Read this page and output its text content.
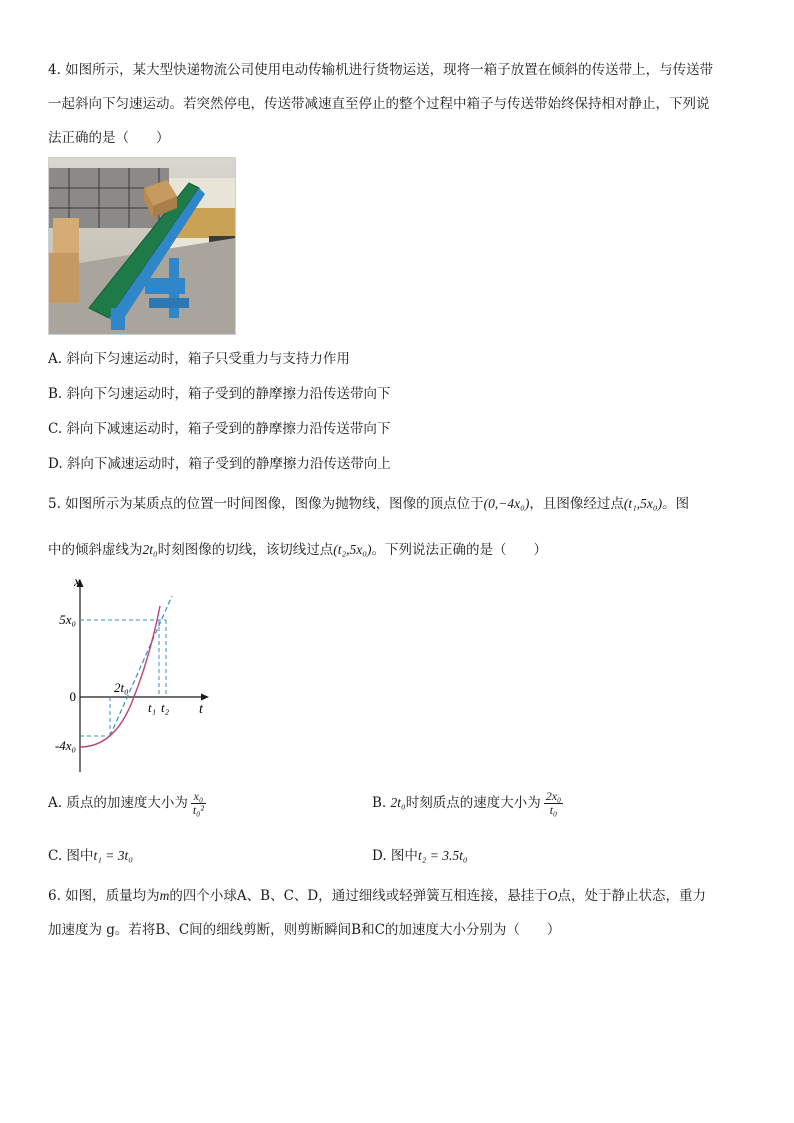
4. 如图所示，某大型快递物流公司使用电动传输机进行货物运送，现将一箱子放置在倾斜的传送带上，与传送带
一起斜向下匀速运动。若突然停电，传送带减速直至停止的整个过程中箱子与传送带始终保持相对静止，下列说
法正确的是（　　）
A. 斜向下匀速运动时，箱子只受重力与支持力作用
B. 斜向下匀速运动时，箱子受到的静摩擦力沿传送带向下
C. 斜向下减速运动时，箱子受到的静摩擦力沿传送带向下
D. 斜向下减速运动时，箱子受到的静摩擦力沿传送带向上
5. 如图所示为某质点的位置一时间图像，图像为抛物线，图像的顶点位于(0,−4x₀)，且图像经过点(t₁,5x₀)。图
中的倾斜虚线为2t₀时刻图像的切线，该切线过点(t₂,5x₀)。下列说法正确的是（　　）
x
t
5x₀
0
-4x₀
2t₀
t₁ t₂
A. 质点的加速度大小为 $\frac{\text{x₀}}{\text{t₀²}}$	B. 2t₀时刻质点的速度大小为 $\frac{\text{2x₀}}{\text{t₀}}$
C. 图中t₁ = 3t₀	D. 图中t₂ = 3.5t₀
6. 如图，质量均为m的四个小球A、B、C、D，通过细线或轻弹簧互相连接，悬挂于O点，处于静止状态，重力
加速度为 g。若将B、C间的细线剪断，则剪断瞬间B和C的加速度大小分别为（　　）
